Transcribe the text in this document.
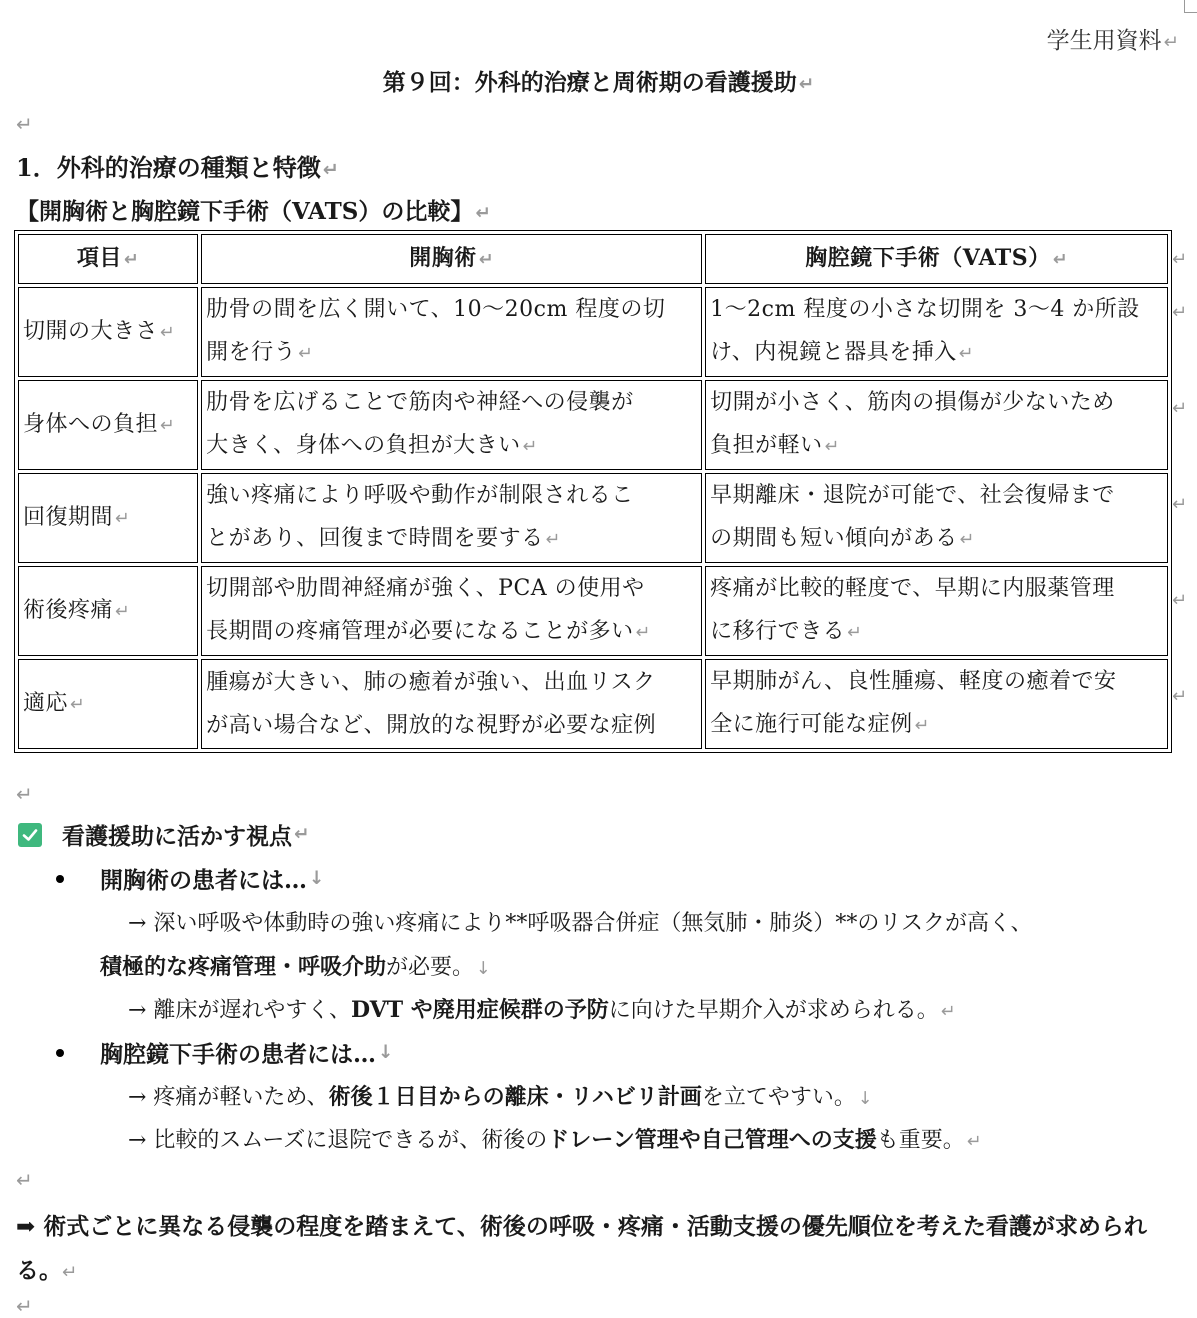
学生用資料 ↵
第９回：外科的治療と周術期の看護援助 ↵
↵
1．外科的治療の種類と特徴 ↵
【開胸術と胸腔鏡下手術（VATS）の比較】 ↵
項目 ↵	開胸術 ↵	胸腔鏡下手術（VATS） ↵
切開の大きさ ↵	肋骨の間を広く開いて、10〜20cm 程度の切
開を行う ↵	1〜2cm 程度の小さな切開を 3〜4 か所設
け、内視鏡と器具を挿入 ↵
身体への負担 ↵	肋骨を広げることで筋肉や神経への侵襲が
大きく、身体への負担が大きい ↵	切開が小さく、筋肉の損傷が少ないため
負担が軽い ↵
回復期間 ↵	強い疼痛により呼吸や動作が制限されるこ
とがあり、回復まで時間を要する ↵	早期離床・退院が可能で、社会復帰まで
の期間も短い傾向がある ↵
術後疼痛 ↵	切開部や肋間神経痛が強く、PCA の使用や
長期間の疼痛管理が必要になることが多い ↵	疼痛が比較的軽度で、早期に内服薬管理
に移行できる ↵
適応 ↵	腫瘍が大きい、肺の癒着が強い、出血リスク
が高い場合など、開放的な視野が必要な症例	早期肺がん、良性腫瘍、軽度の癒着で安
全に施行可能な症例 ↵
↵
↵
↵
↵
↵
↵
↵
看護援助に活かす視点 ↵
開胸術の患者には… ↓
→ 深い呼吸や体動時の強い疼痛により**呼吸器合併症（無気肺・肺炎）**のリスクが高く、
積極的な疼痛管理・呼吸介助が必要。 ↓
→ 離床が遅れやすく、DVT や廃用症候群の予防に向けた早期介入が求められる。 ↵
胸腔鏡下手術の患者には… ↓
→ 疼痛が軽いため、術後１日目からの離床・リハビリ計画を立てやすい。 ↓
→ 比較的スムーズに退院できるが、術後のドレーン管理や自己管理への支援も重要。 ↵
↵
➡ 術式ごとに異なる侵襲の程度を踏まえて、術後の呼吸・疼痛・活動支援の優先順位を考えた看護が求められる。↵
↵
